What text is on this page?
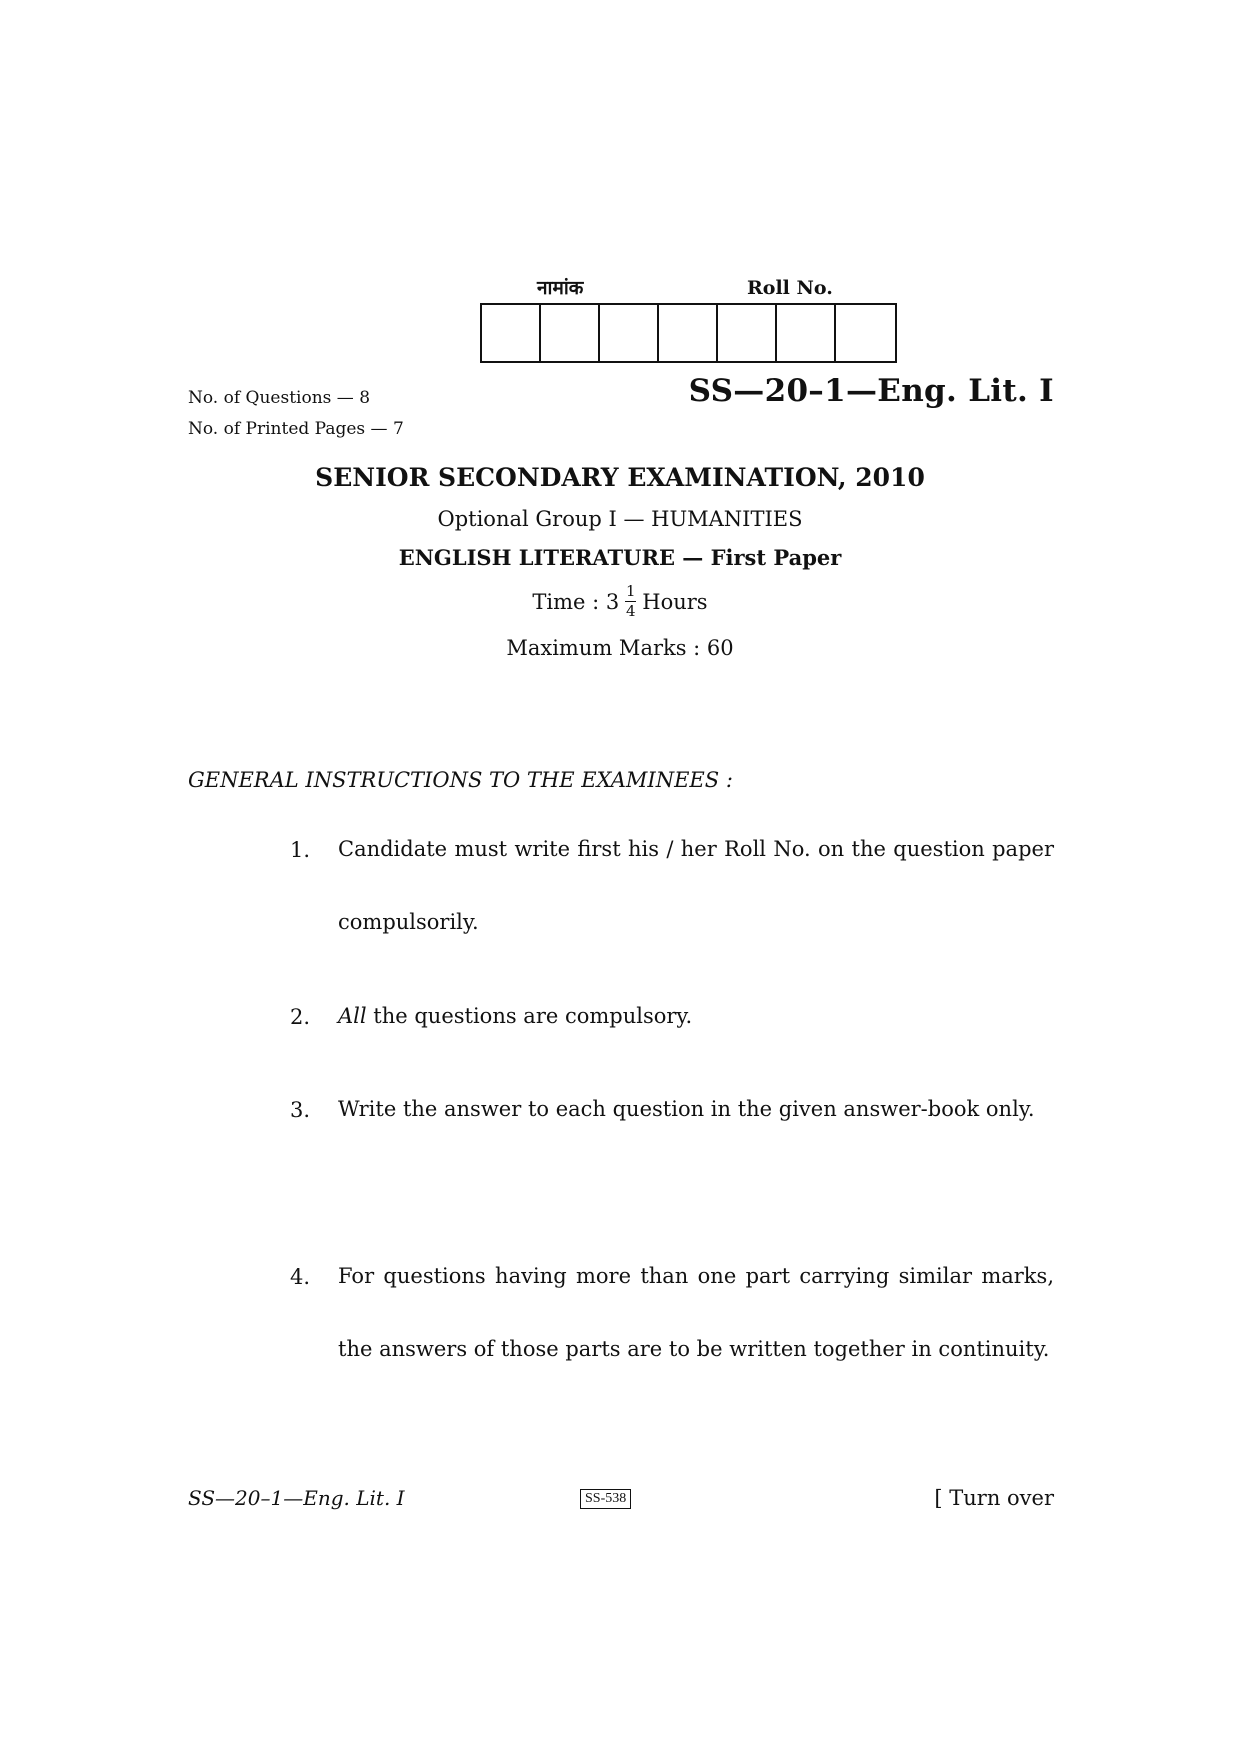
नामांक	Roll No.
No. of Questions — 8
No. of Printed Pages — 7
SS—20–1—Eng. Lit. I
SENIOR SECONDARY EXAMINATION, 2010
Optional Group I — HUMANITIES
ENGLISH LITERATURE — First Paper
Time : $3 \frac{1}{4}$ Hours
Maximum Marks : 60
GENERAL INSTRUCTIONS TO THE EXAMINEES :
1. Candidate must write first his / her Roll No. on the question paper compulsorily.
2. All the questions are compulsory.
3. Write the answer to each question in the given answer-book only.
4. For questions having more than one part carrying similar marks, the answers of those parts are to be written together in continuity.
SS—20–1—Eng. Lit. I	SS-538	[ Turn over
